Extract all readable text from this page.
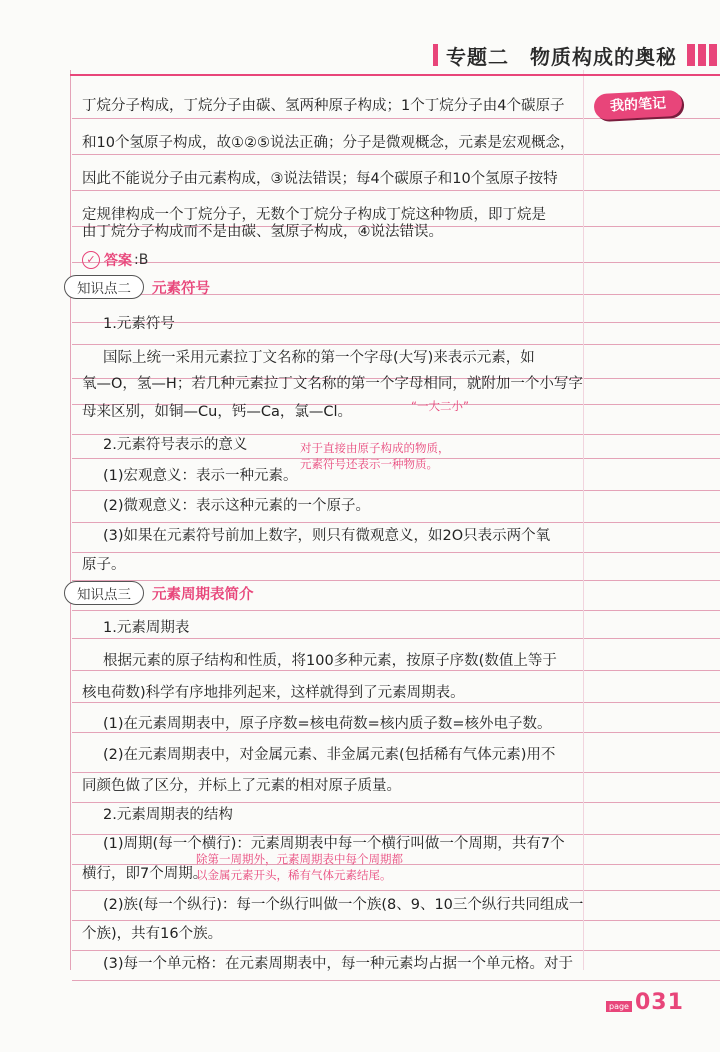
专题二　物质构成的奥秘
我的笔记
丁烷分子构成，丁烷分子由碳、氢两种原子构成；1个丁烷分子由4个碳原子
和10个氢原子构成，故①②⑤说法正确；分子是微观概念，元素是宏观概念，
因此不能说分子由元素构成，③说法错误；每4个碳原子和10个氢原子按特
定规律构成一个丁烷分子，无数个丁烷分子构成丁烷这种物质，即丁烷是
由丁烷分子构成而不是由碳、氢原子构成，④说法错误。
✓ 答案 :B
知识点二	元素符号
1.元素符号
国际上统一采用元素拉丁文名称的第一个字母(大写)来表示元素，如
氧—O，氢—H；若几种元素拉丁文名称的第一个字母相同，就附加一个小写字
母来区别，如铜—Cu，钙—Ca，氯—Cl。	“一大二小”
2.元素符号表示的意义
(1)宏观意义：表示一种元素。
(2)微观意义：表示这种元素的一个原子。
对于直接由原子构成的物质，
元素符号还表示一种物质。
(3)如果在元素符号前加上数字，则只有微观意义，如2O只表示两个氧
原子。
知识点三	元素周期表简介
1.元素周期表
根据元素的原子结构和性质，将100多种元素，按原子序数(数值上等于
核电荷数)科学有序地排列起来，这样就得到了元素周期表。
(1)在元素周期表中，原子序数=核电荷数=核内质子数=核外电子数。
(2)在元素周期表中，对金属元素、非金属元素(包括稀有气体元素)用不
同颜色做了区分，并标上了元素的相对原子质量。
2.元素周期表的结构
(1)周期(每一个横行)：元素周期表中每一个横行叫做一个周期，共有7个
横行，即7个周期。
除第一周期外，元素周期表中每个周期都
以金属元素开头，稀有气体元素结尾。
(2)族(每一个纵行)：每一个纵行叫做一个族(8、9、10三个纵行共同组成一
个族)，共有16个族。
(3)每一个单元格：在元素周期表中，每一种元素均占据一个单元格。对于
page 031
